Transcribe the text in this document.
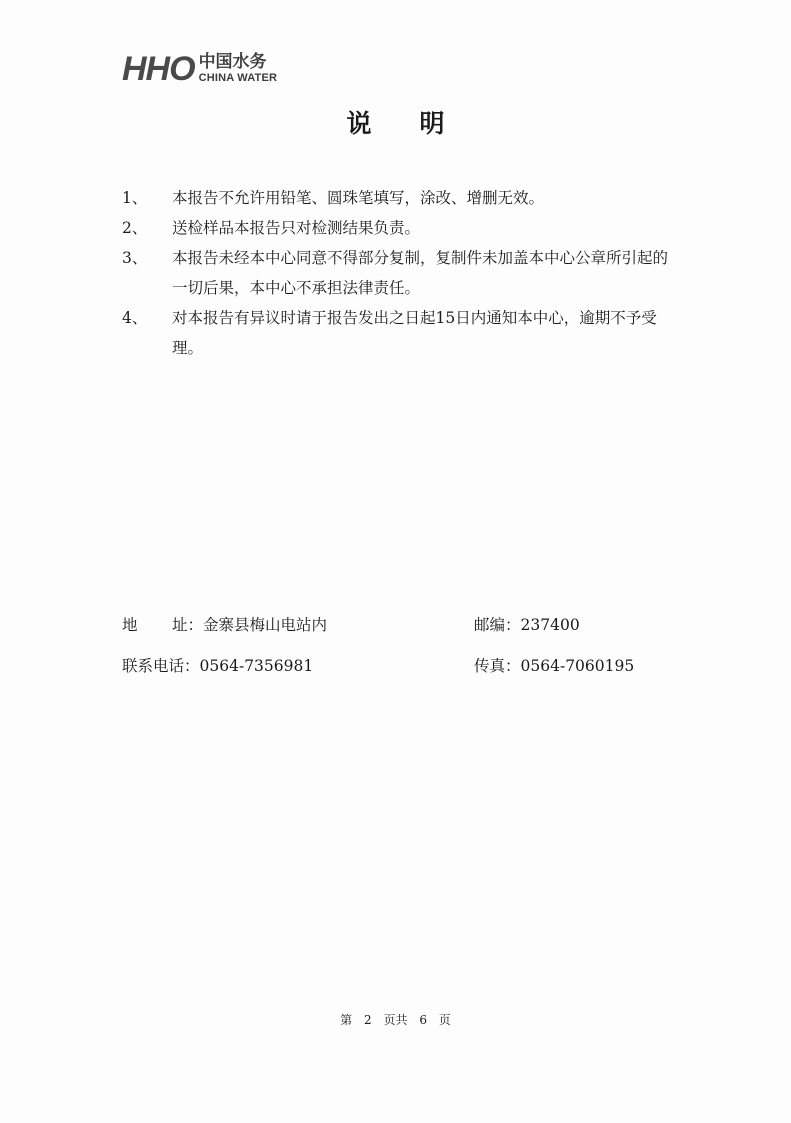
HHO 中国水务
CHINA WATER
说 明
1、	本报告不允许用铅笔、圆珠笔填写，涂改、增删无效。
2、	送检样品本报告只对检测结果负责。
3、	本报告未经本中心同意不得部分复制，复制件未加盖本中心公章所引起的一切后果，本中心不承担法律责任。
4、	对本报告有异议时请于报告发出之日起15日内通知本中心，逾期不予受理。
地 址：金寨县梅山电站内	邮编：237400
联系电话：0564-7356981	传真：0564-7060195
第 2 页共 6 页
